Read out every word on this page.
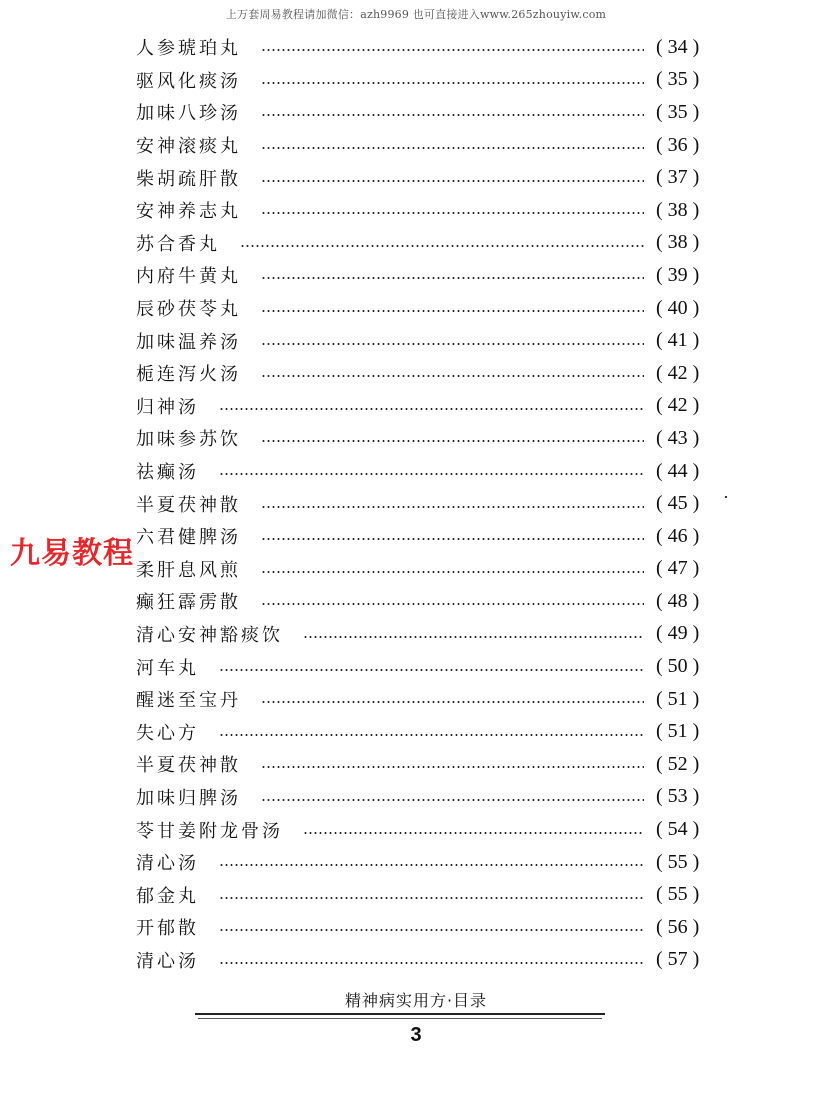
上万套周易教程请加微信：azh9969 也可直接进入www.265zhouyiw.com
人参琥珀丸	( 34 )
驱风化痰汤	( 35 )
加味八珍汤	( 35 )
安神滚痰丸	( 36 )
柴胡疏肝散	( 37 )
安神养志丸	( 38 )
苏合香丸	( 38 )
内府牛黄丸	( 39 )
辰砂茯苓丸	( 40 )
加味温养汤	( 41 )
栀连泻火汤	( 42 )
归神汤	( 42 )
加味参苏饮	( 43 )
祛癫汤	( 44 )
半夏茯神散	( 45 )
六君健脾汤	( 46 )
柔肝息风煎	( 47 )
癫狂霹雳散	( 48 )
清心安神豁痰饮	( 49 )
河车丸	( 50 )
醒迷至宝丹	( 51 )
失心方	( 51 )
半夏茯神散	( 52 )
加味归脾汤	( 53 )
苓甘姜附龙骨汤	( 54 )
清心汤	( 55 )
郁金丸	( 55 )
开郁散	( 56 )
清心汤	( 57 )
九易教程
精神病实用方·目录
3
